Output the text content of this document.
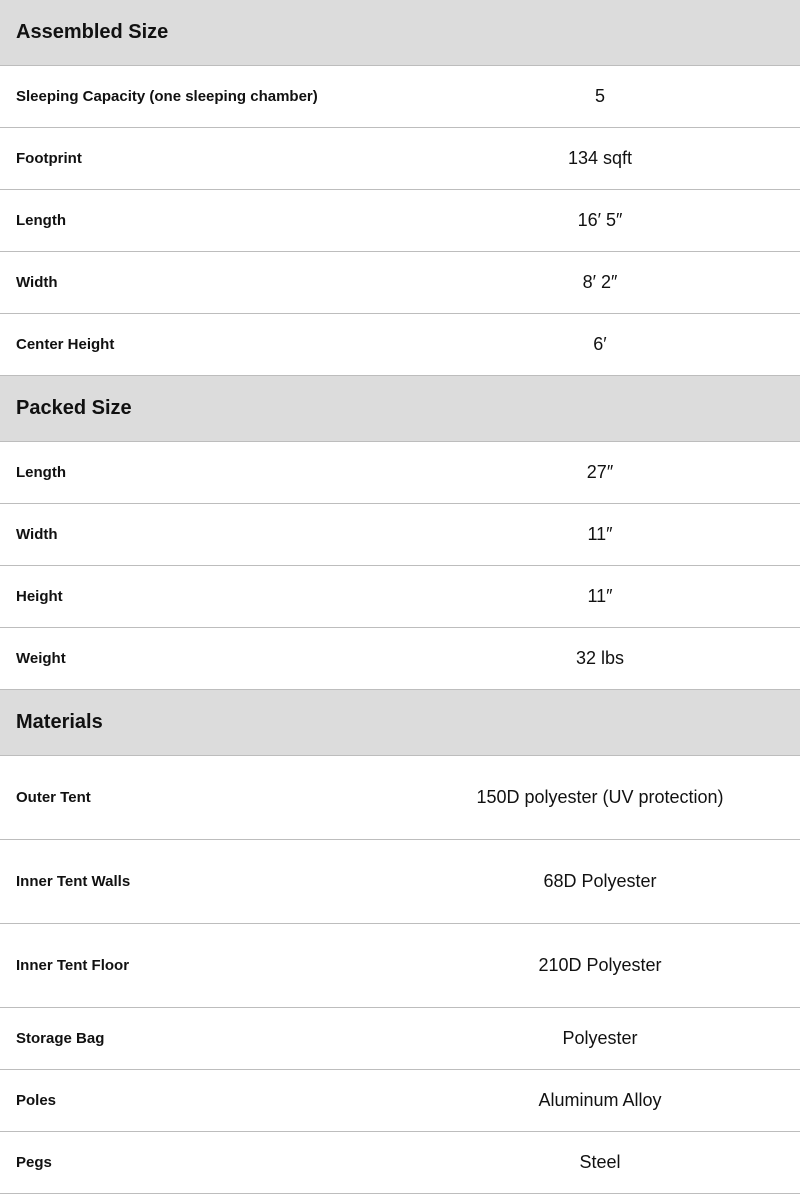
Assembled Size
Sleeping Capacity (one sleeping chamber)	5
Footprint	134 sqft
Length	16′ 5″
Width	8′ 2″
Center Height	6′
Packed Size
Length	27″
Width	11″
Height	11″
Weight	32 lbs
Materials
Outer Tent	150D polyester (UV protection)
Inner Tent Walls	68D Polyester
Inner Tent Floor	210D Polyester
Storage Bag	Polyester
Poles	Aluminum Alloy
Pegs	Steel
